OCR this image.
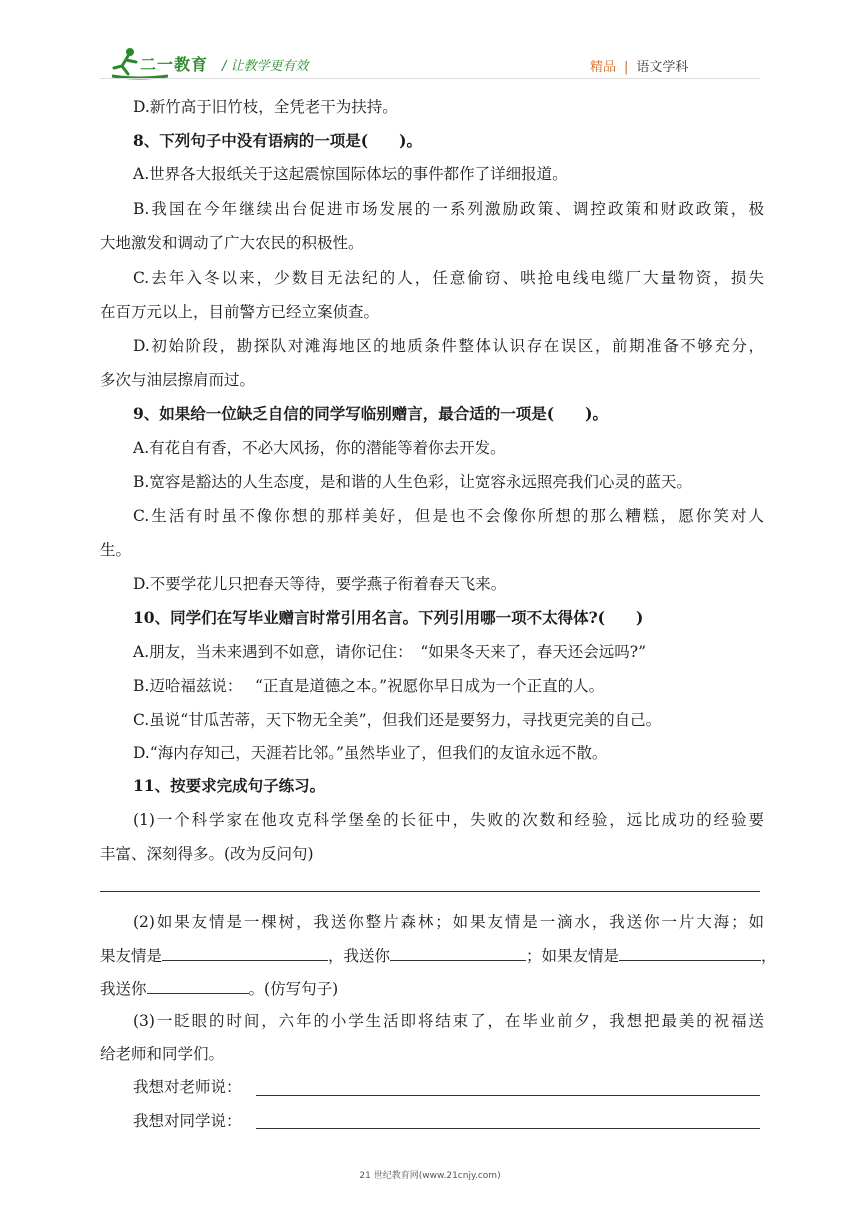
二一教育 / 让教学更有效	精品 | 语文学科
D.新竹高于旧竹枝，全凭老干为扶持。
8、下列句子中没有语病的一项是(　　)。
A.世界各大报纸关于这起震惊国际体坛的事件都作了详细报道。
B.我国在今年继续出台促进市场发展的一系列激励政策、调控政策和财政政策，极
大地激发和调动了广大农民的积极性。
C.去年入冬以来，少数目无法纪的人，任意偷窃、哄抢电线电缆厂大量物资，损失
在百万元以上，目前警方已经立案侦查。
D.初始阶段，勘探队对滩海地区的地质条件整体认识存在误区，前期准备不够充分，
多次与油层擦肩而过。
9、如果给一位缺乏自信的同学写临别赠言，最合适的一项是(　　)。
A.有花自有香，不必大风扬，你的潜能等着你去开发。
B.宽容是豁达的人生态度，是和谐的人生色彩，让宽容永远照亮我们心灵的蓝天。
C.生活有时虽不像你想的那样美好，但是也不会像你所想的那么糟糕，愿你笑对人
生。
D.不要学花儿只把春天等待，要学燕子衔着春天飞来。
10、同学们在写毕业赠言时常引用名言。下列引用哪一项不太得体?(　　)
A.朋友，当未来遇到不如意，请你记住：　“如果冬天来了，春天还会远吗?”
B.迈哈福兹说：　 “正直是道德之本。”祝愿你早日成为一个正直的人。
C.虽说“甘瓜苦蒂，天下物无全美”，但我们还是要努力，寻找更完美的自己。
D.“海内存知己，天涯若比邻。”虽然毕业了，但我们的友谊永远不散。
11、按要求完成句子练习。
(1)一个科学家在他攻克科学堡垒的长征中，失败的次数和经验，远比成功的经验要
丰富、深刻得多。(改为反问句)
(2)如果友情是一棵树，我送你整片森林；如果友情是一滴水，我送你一片大海；如
果友情是	，我送你	；如果友情是	，
我送你	。(仿写句子)
(3)一眨眼的时间，六年的小学生活即将结束了，在毕业前夕，我想把最美的祝福送
给老师和同学们。
我想对老师说：
我想对同学说：
21 世纪教育网(www.21cnjy.com)
